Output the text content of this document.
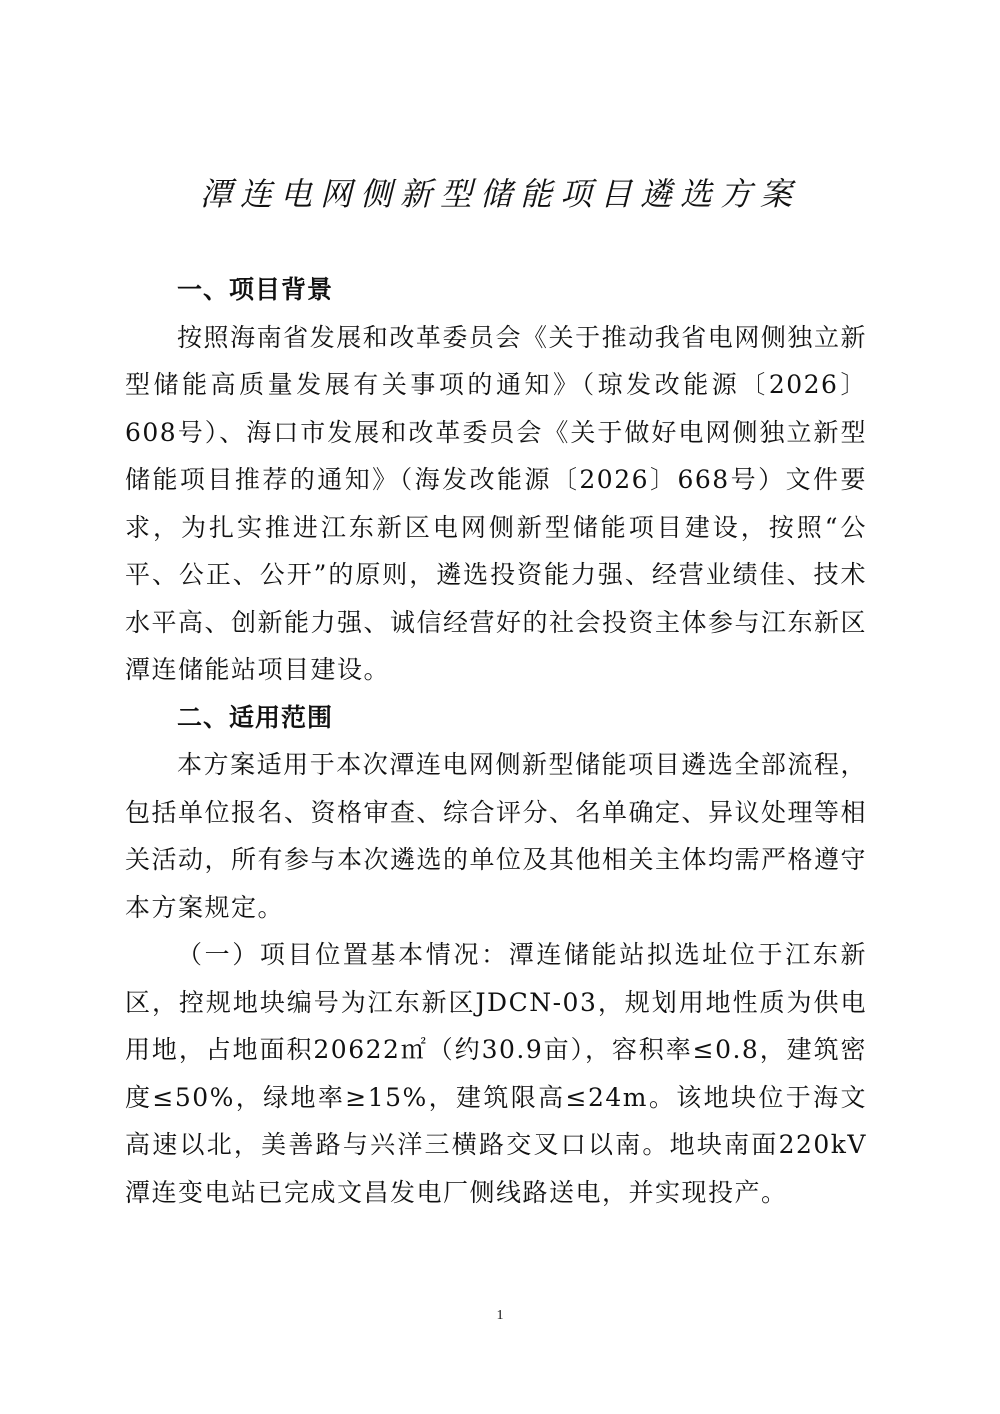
潭连电网侧新型储能项目遴选方案
一、项目背景

按照海南省发展和改革委员会《关于推动我省电网侧独立新型储能高质量发展有关事项的通知》（琼发改能源〔2026〕608号）、海口市发展和改革委员会《关于做好电网侧独立新型储能项目推荐的通知》（海发改能源〔2026〕668号）文件要求，为扎实推进江东新区电网侧新型储能项目建设，按照“公平、公正、公开”的原则，遴选投资能力强、经营业绩佳、技术水平高、创新能力强、诚信经营好的社会投资主体参与江东新区潭连储能站项目建设。

二、适用范围

本方案适用于本次潭连电网侧新型储能项目遴选全部流程，包括单位报名、资格审查、综合评分、名单确定、异议处理等相关活动，所有参与本次遴选的单位及其他相关主体均需严格遵守本方案规定。

（一）项目位置基本情况：潭连储能站拟选址位于江东新区，控规地块编号为江东新区JDCN-03，规划用地性质为供电用地，占地面积20622㎡（约30.9亩），容积率≤0.8，建筑密度≤50%，绿地率≥15%，建筑限高≤24m。该地块位于海文高速以北，美善路与兴洋三横路交叉口以南。地块南面220kV潭连变电站已完成文昌发电厂侧线路送电，并实现投产。

1
